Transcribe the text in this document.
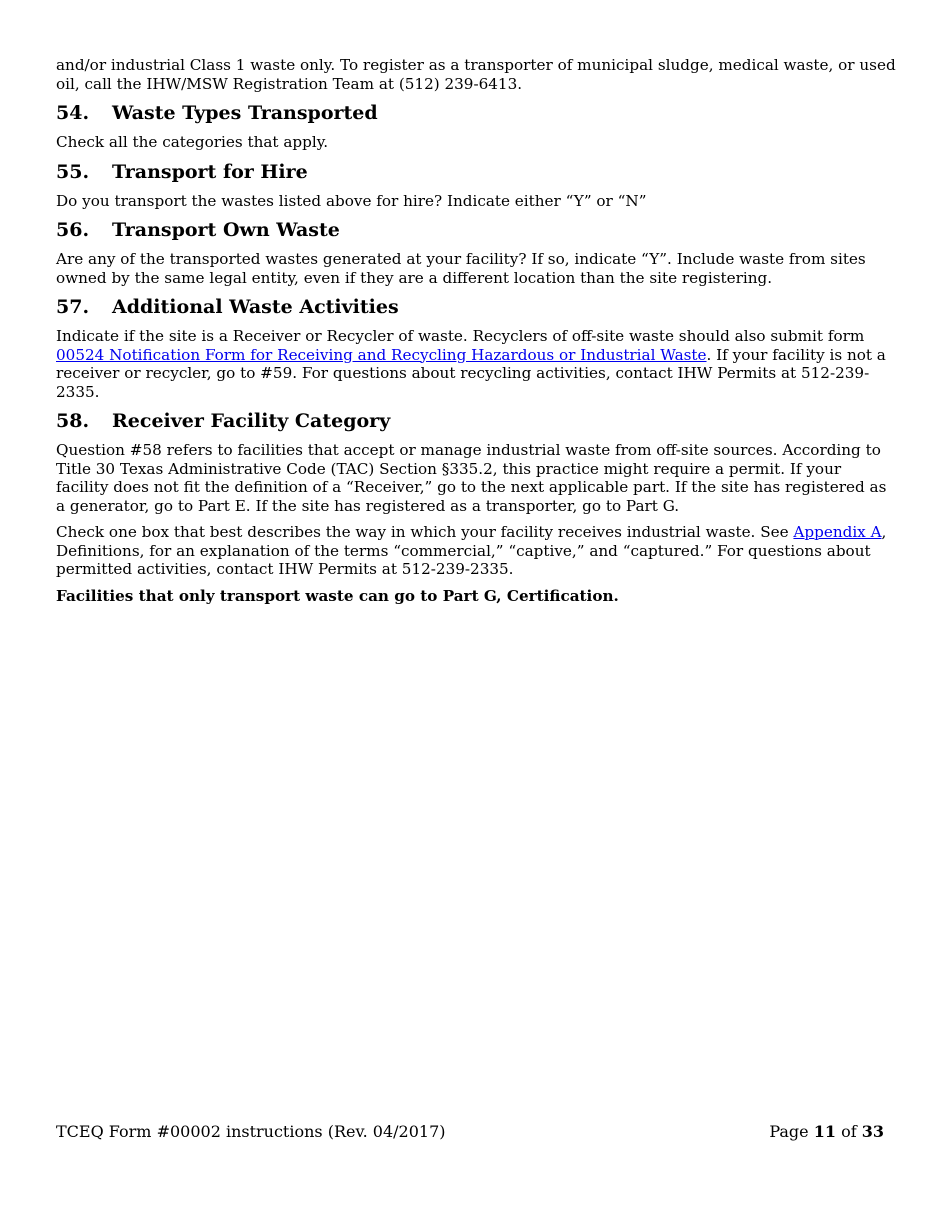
and/or industrial Class 1 waste only. To register as a transporter of municipal sludge, medical waste, or used oil, call the IHW/MSW Registration Team at (512) 239-6413.

54.	Waste Types Transported

Check all the categories that apply.

55.	Transport for Hire

Do you transport the wastes listed above for hire? Indicate either “Y” or “N”

56.	Transport Own Waste

Are any of the transported wastes generated at your facility? If so, indicate “Y”. Include waste from sites owned by the same legal entity, even if they are a different location than the site registering.

57.	Additional Waste Activities

Indicate if the site is a Receiver or Recycler of waste. Recyclers of off-site waste should also submit form 00524 Notification Form for Receiving and Recycling Hazardous or Industrial Waste. If your facility is not a receiver or recycler, go to #59. For questions about recycling activities, contact IHW Permits at 512-239-2335.

58.	Receiver Facility Category

Question #58 refers to facilities that accept or manage industrial waste from off-site sources. According to Title 30 Texas Administrative Code (TAC) Section §335.2, this practice might require a permit. If your facility does not fit the definition of a “Receiver,” go to the next applicable part. If the site has registered as a generator, go to Part E. If the site has registered as a transporter, go to Part G.

Check one box that best describes the way in which your facility receives industrial waste. See Appendix A, Definitions, for an explanation of the terms “commercial,” “captive,” and “captured.” For questions about permitted activities, contact IHW Permits at 512-239-2335.

Facilities that only transport waste can go to Part G, Certification.

TCEQ Form #00002 instructions (Rev. 04/2017)	Page 11 of 33
